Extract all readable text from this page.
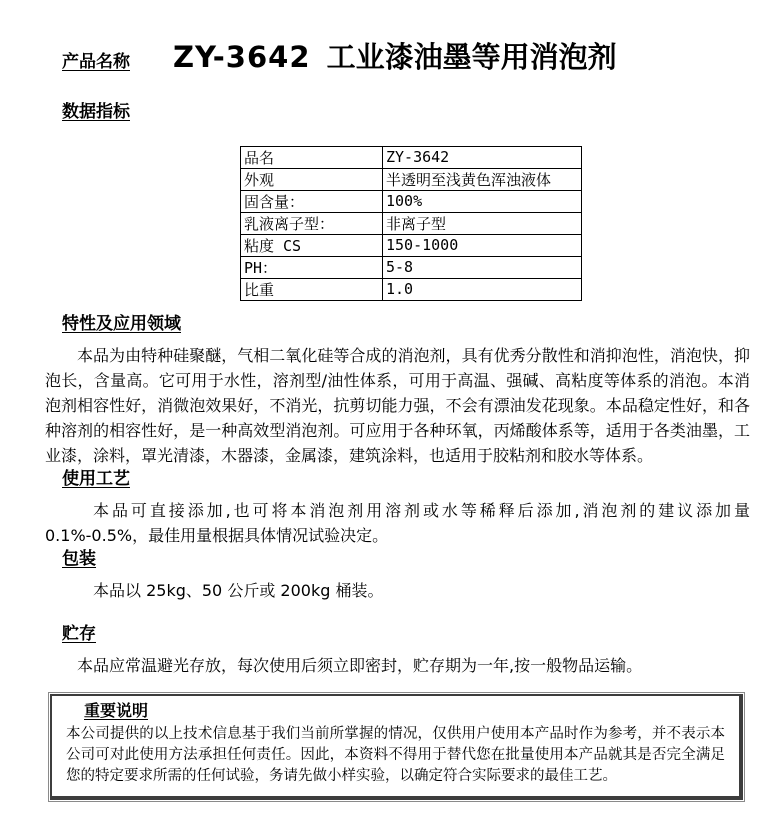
产品名称 ZY-3642 工业漆油墨等用消泡剂
数据指标
品名	ZY-3642
外观	半透明至浅黄色浑浊液体
固含量：	100%
乳液离子型：	非离子型
粘度 CS	150-1000
PH：	5-8
比重	1.0
特性及应用领域

本品为由特种硅聚醚，气相二氧化硅等合成的消泡剂，具有优秀分散性和消抑泡性，消泡快，抑泡长，含量高。它可用于水性，溶剂型/油性体系，可用于高温、强碱、高粘度等体系的消泡。本消泡剂相容性好，消微泡效果好，不消光，抗剪切能力强，不会有漂油发花现象。本品稳定性好，和各种溶剂的相容性好，是一种高效型消泡剂。可应用于各种环氧，丙烯酸体系等，适用于各类油墨，工业漆，涂料，罩光清漆，木器漆，金属漆，建筑涂料，也适用于胶粘剂和胶水等体系。

使用工艺

本品可直接添加,也可将本消泡剂用溶剂或水等稀释后添加,消泡剂的建议添加量 0.1%-0.5%，最佳用量根据具体情况试验决定。

包装

本品以 25kg、50 公斤或 200kg 桶装。

贮存

本品应常温避光存放，每次使用后须立即密封，贮存期为一年,按一般物品运输。

重要说明

本公司提供的以上技术信息基于我们当前所掌握的情况，仅供用户使用本产品时作为参考，并不表示本公司可对此使用方法承担任何责任。因此，本资料不得用于替代您在批量使用本产品就其是否完全满足您的特定要求所需的任何试验，务请先做小样实验，以确定符合实际要求的最佳工艺。
